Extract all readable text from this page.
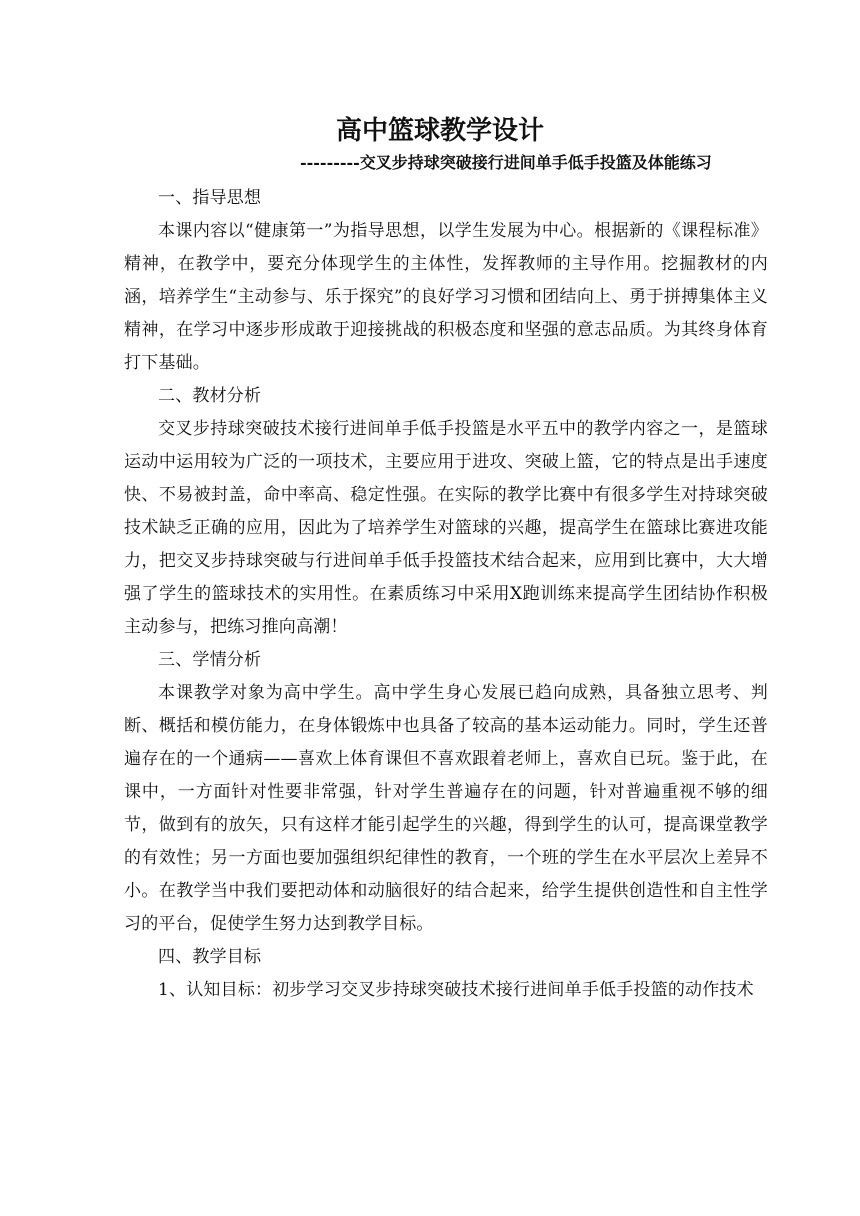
高中篮球教学设计

---------交叉步持球突破接行进间单手低手投篮及体能练习

一、指导思想

本课内容以“健康第一”为指导思想，以学生发展为中心。根据新的《课程标准》精神，在教学中，要充分体现学生的主体性，发挥教师的主导作用。挖掘教材的内涵，培养学生“主动参与、乐于探究”的良好学习习惯和团结向上、勇于拼搏集体主义精神，在学习中逐步形成敢于迎接挑战的积极态度和坚强的意志品质。为其终身体育打下基础。

二、教材分析

交叉步持球突破技术接行进间单手低手投篮是水平五中的教学内容之一，是篮球运动中运用较为广泛的一项技术，主要应用于进攻、突破上篮，它的特点是出手速度快、不易被封盖，命中率高、稳定性强。在实际的教学比赛中有很多学生对持球突破技术缺乏正确的应用，因此为了培养学生对篮球的兴趣，提高学生在篮球比赛进攻能力，把交叉步持球突破与行进间单手低手投篮技术结合起来，应用到比赛中，大大增强了学生的篮球技术的实用性。在素质练习中采用X跑训练来提高学生团结协作积极主动参与，把练习推向高潮！

三、学情分析

本课教学对象为高中学生。高中学生身心发展已趋向成熟，具备独立思考、判断、概括和模仿能力，在身体锻炼中也具备了较高的基本运动能力。同时，学生还普遍存在的一个通病——喜欢上体育课但不喜欢跟着老师上，喜欢自已玩。鉴于此，在课中，一方面针对性要非常强，针对学生普遍存在的问题，针对普遍重视不够的细节，做到有的放矢，只有这样才能引起学生的兴趣，得到学生的认可，提高课堂教学的有效性；另一方面也要加强组织纪律性的教育，一个班的学生在水平层次上差异不小。在教学当中我们要把动体和动脑很好的结合起来，给学生提供创造性和自主性学习的平台，促使学生努力达到教学目标。

四、教学目标

1、认知目标：初步学习交叉步持球突破技术接行进间单手低手投篮的动作技术
